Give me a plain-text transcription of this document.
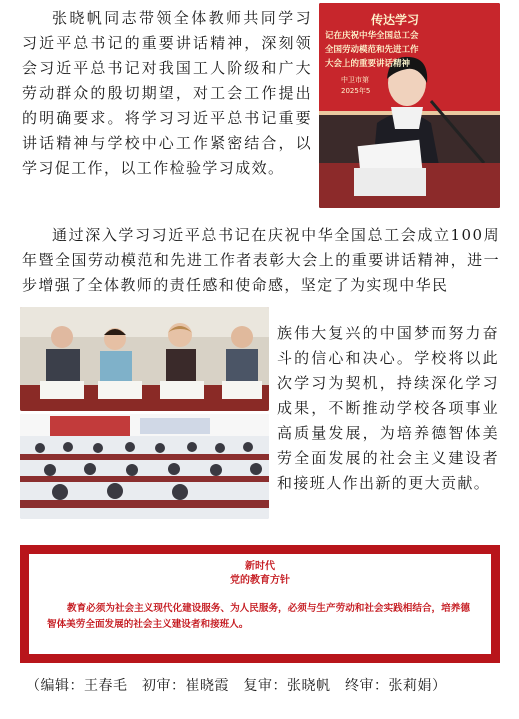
张晓帆同志带领全体教师共同学习习近平总书记的重要讲话精神，深刻领会习近平总书记对我国工人阶级和广大劳动群众的殷切期望，对工会工作提出的明确要求。将学习习近平总书记重要讲话精神与学校中心工作紧密结合，以学习促工作，以工作检验学习成效。

传达学习
记在庆祝中华全国总工会
全国劳动模范和先进工作
大会上的重要讲话精神
中卫市第
2025年5

通过深入学习习近平总书记在庆祝中华全国总工会成立100周年暨全国劳动模范和先进工作者表彰大会上的重要讲话精神，进一步增强了全体教师的责任感和使命感，坚定了为实现中华民

族伟大复兴的中国梦而努力奋斗的信心和决心。学校将以此次学习为契机，持续深化学习成果，不断推动学校各项事业高质量发展，为培养德智体美劳全面发展的社会主义建设者和接班人作出新的更大贡献。

新时代
党的教育方针

教育必须为社会主义现代化建设服务、为人民服务，必须与生产劳动和社会实践相结合，培养德智体美劳全面发展的社会主义建设者和接班人。

（编辑：王春毛　初审：崔晓霞　复审：张晓帆　终审：张莉娟）
